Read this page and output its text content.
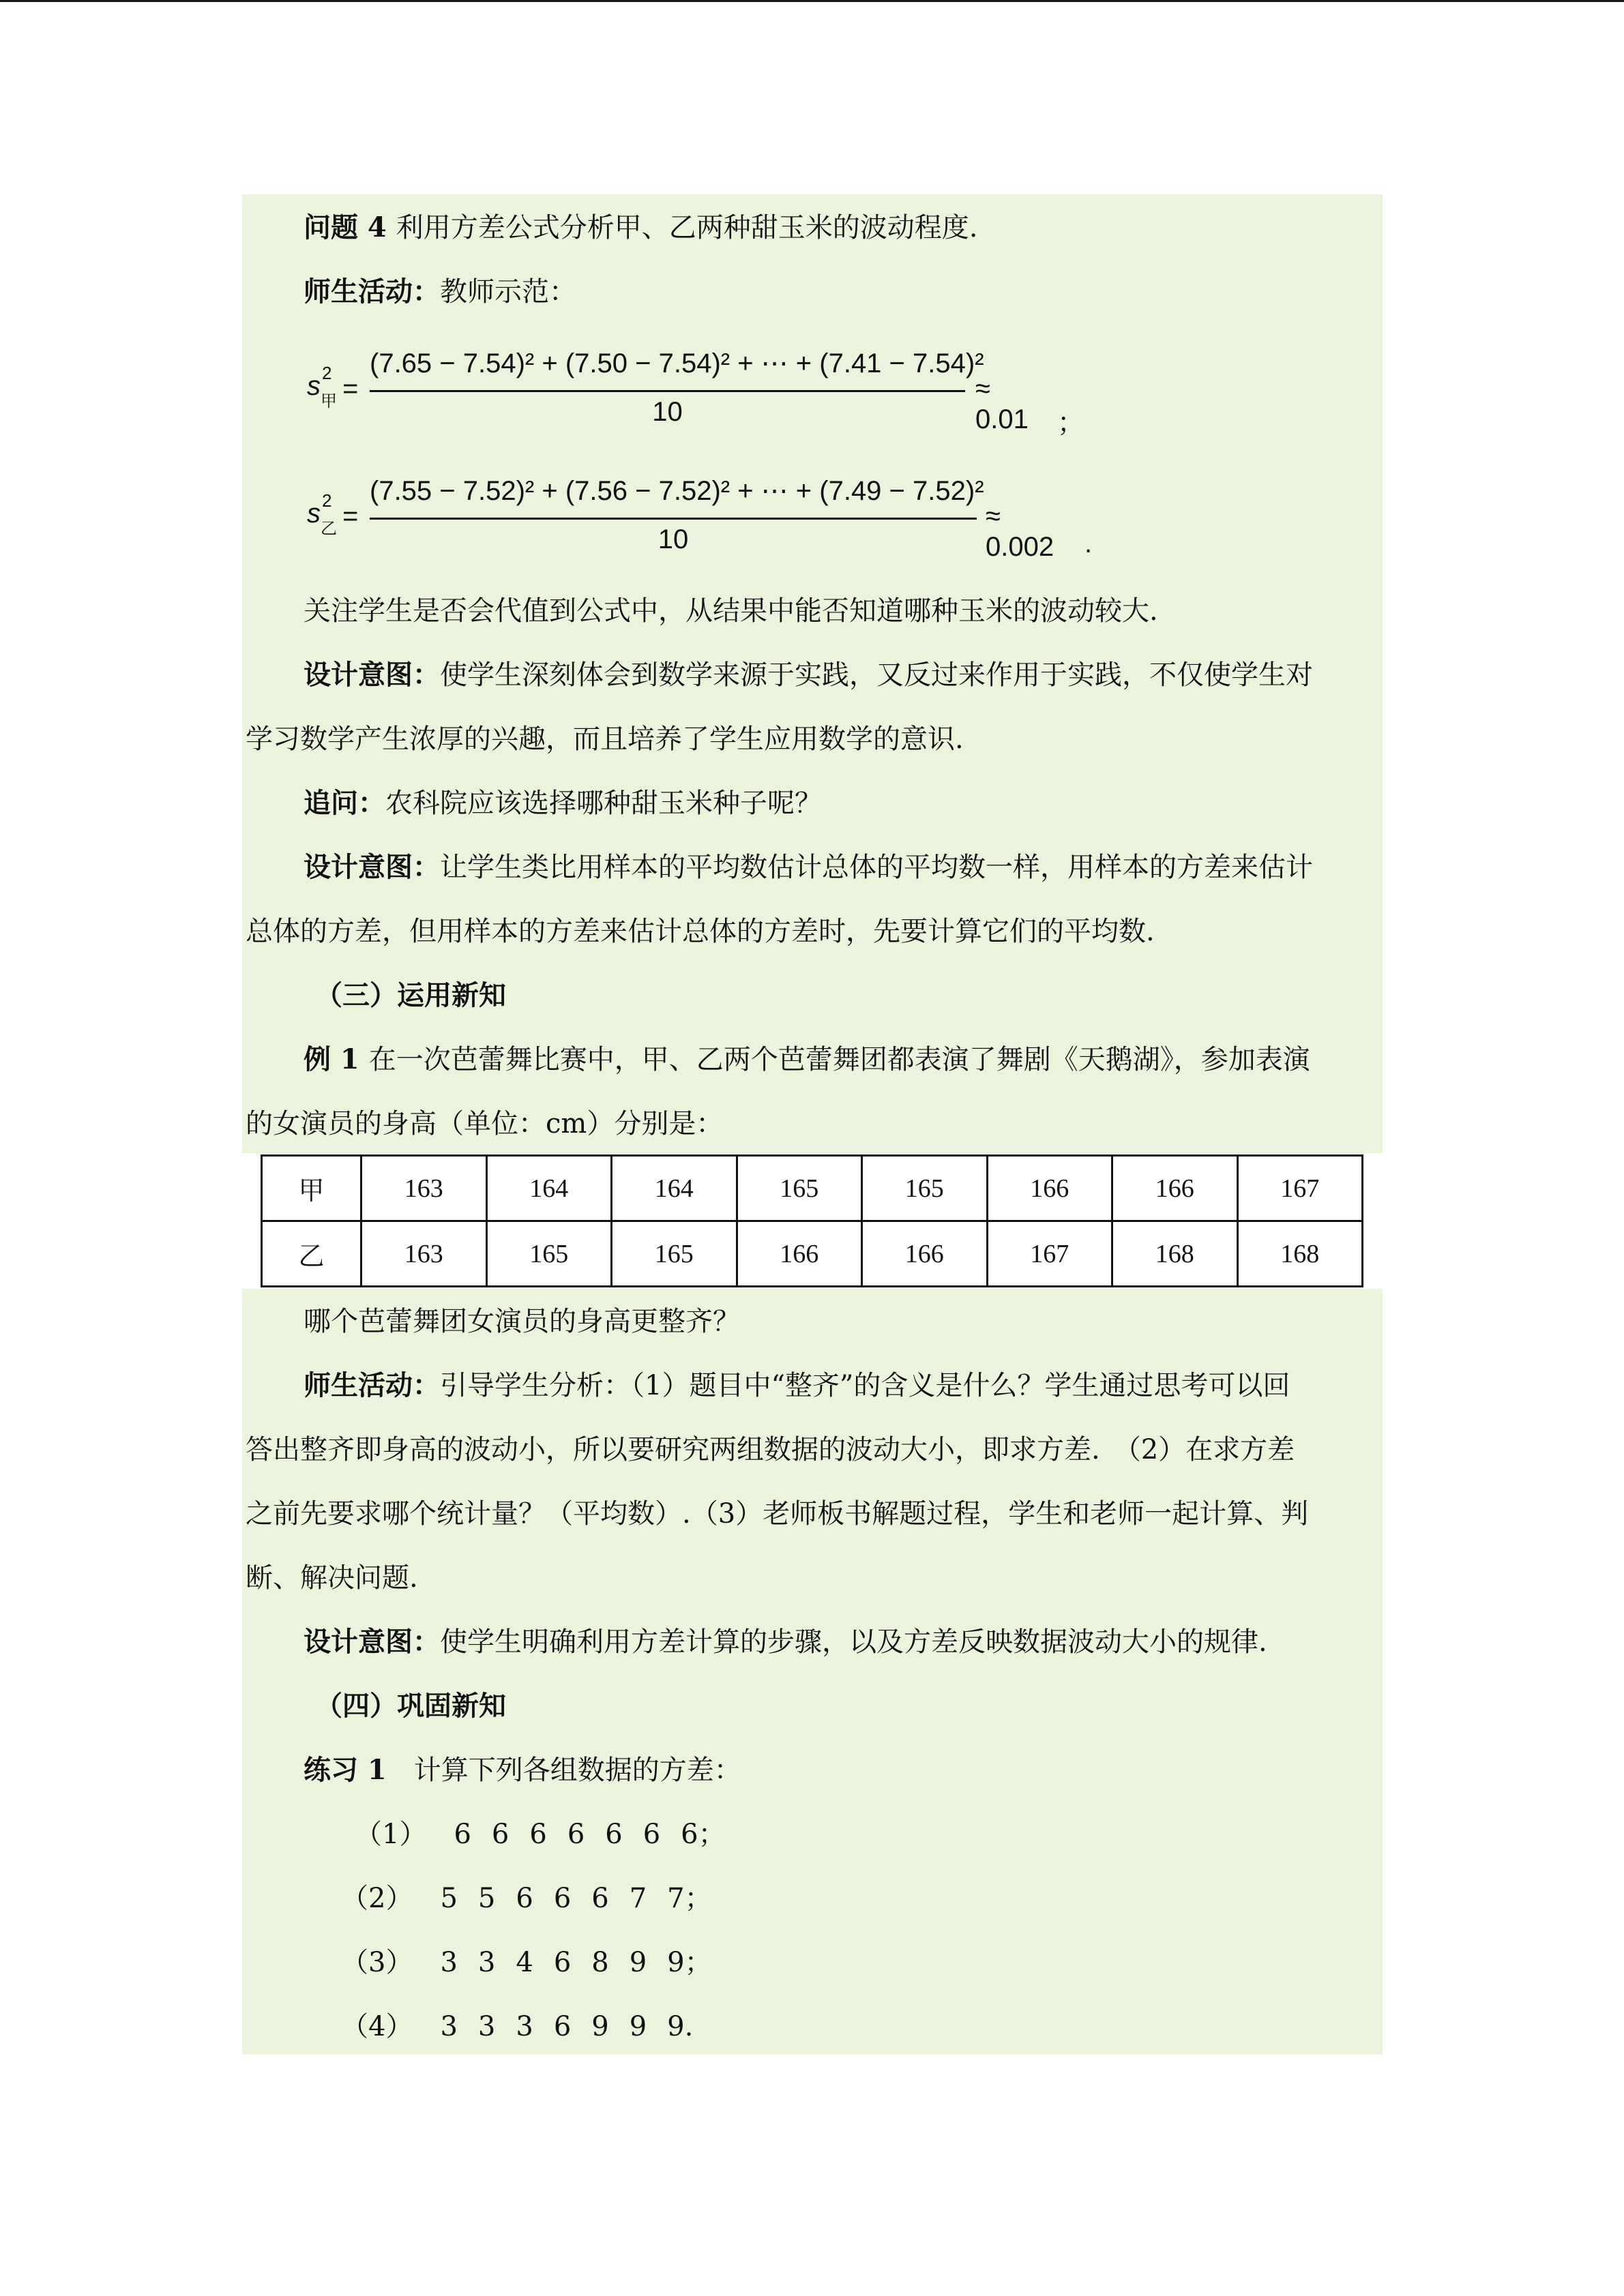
问题 4 利用方差公式分析甲、乙两种甜玉米的波动程度.
师生活动：教师示范：
s 2
甲 =
(7.65 − 7.54)² + (7.50 − 7.54)² + ⋯ + (7.41 − 7.54)²
10
≈ 0.01 ；
s 2
乙 =
(7.55 − 7.52)² + (7.56 − 7.52)² + ⋯ + (7.49 − 7.52)²
10
≈ 0.002 .
关注学生是否会代值到公式中，从结果中能否知道哪种玉米的波动较大.
设计意图：使学生深刻体会到数学来源于实践，又反过来作用于实践，不仅使学生对
学习数学产生浓厚的兴趣，而且培养了学生应用数学的意识.
追问：农科院应该选择哪种甜玉米种子呢？
设计意图：让学生类比用样本的平均数估计总体的平均数一样，用样本的方差来估计
总体的方差，但用样本的方差来估计总体的方差时，先要计算它们的平均数.
（三）运用新知
例 1 在一次芭蕾舞比赛中，甲、乙两个芭蕾舞团都表演了舞剧《天鹅湖》，参加表演
的女演员的身高（单位：cm）分别是：
甲	163	164	164	165	165	166	166	167
乙	163	165	165	166	166	167	168	168
哪个芭蕾舞团女演员的身高更整齐？
师生活动：引导学生分析：（1）题目中“整齐”的含义是什么？学生通过思考可以回
答出整齐即身高的波动小，所以要研究两组数据的波动大小，即求方差.　（2）在求方差
之前先要求哪个统计量？（平均数）.（3）老师板书解题过程，学生和老师一起计算、判
断、解决问题.
设计意图：使学生明确利用方差计算的步骤，以及方差反映数据波动大小的规律.
（四）巩固新知
练习 1 计算下列各组数据的方差：
（1） 6 6 6 6 6 6 6；
（2） 5 5 6 6 6 7 7；
（3） 3 3 4 6 8 9 9；
（4） 3 3 3 6 9 9 9.
